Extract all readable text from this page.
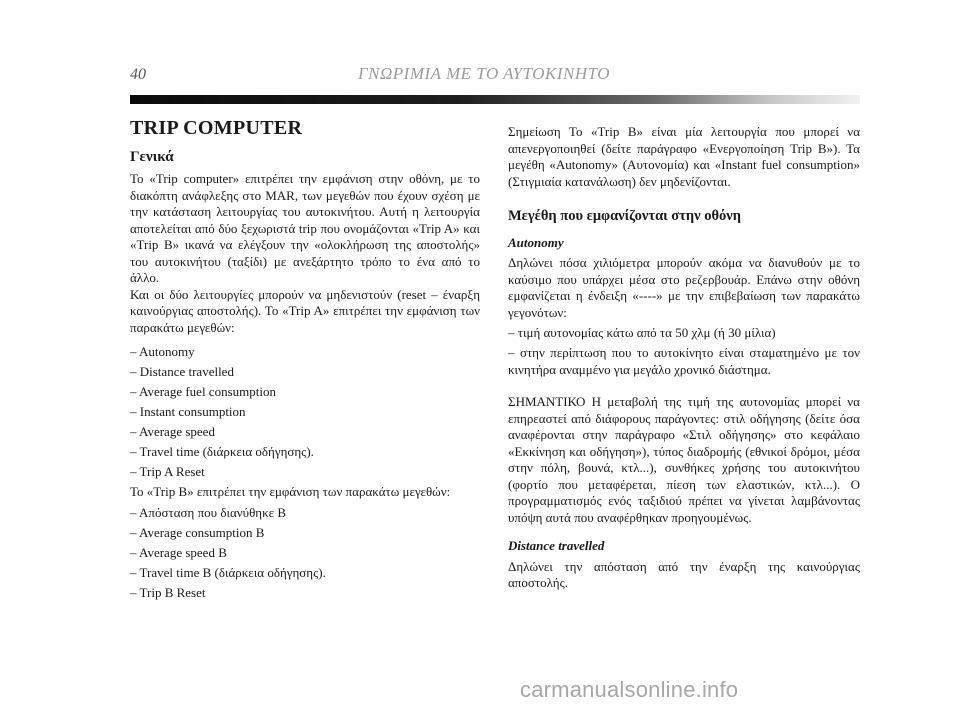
40	ΓΝΩΡΙΜΙΑ ΜΕ ΤΟ ΑΥΤΟΚΙΝΗΤΟ
TRIP COMPUTER
Γενικά

Το «Trip computer» επιτρέπει την εμφάνιση στην οθόνη, με το διακόπτη ανάφλεξης στο MAR, των μεγεθών που έχουν σχέση με την κατάσταση λειτουργίας του αυτοκινήτου. Αυτή η λειτουργία αποτελείται από δύο ξεχωριστά trip που ονομάζονται «Trip A» και «Trip B» ικανά να ελέγξουν την «ολοκλήρωση της αποστολής» του αυτοκινήτου (ταξίδι) με ανεξάρτητο τρόπο το ένα από το άλλο.

Και οι δύο λειτουργίες μπορούν να μηδενιστούν (reset – έναρξη καινούργιας αποστολής). Το «Trip A» επιτρέπει την εμφάνιση των παρακάτω μεγεθών:

– Autonomy
– Distance travelled
– Average fuel consumption
– Instant consumption
– Average speed
– Travel time (διάρκεια οδήγησης).
– Trip A Reset

Το «Trip B» επιτρέπει την εμφάνιση των παρακάτω μεγεθών:

– Απόσταση που διανύθηκε B
– Average consumption B
– Average speed B
– Travel time B (διάρκεια οδήγησης).
– Trip B Reset

Σημείωση Το «Trip B» είναι μία λειτουργία που μπορεί να απενεργοποιηθεί (δείτε παράγραφο «Ενεργοποίηση Trip B»). Τα μεγέθη «Autonomy» (Αυτονομία) και «Instant fuel consumption» (Στιγμιαία κατανάλωση) δεν μηδενίζονται.

Μεγέθη που εμφανίζονται στην οθόνη
Autonomy

Δηλώνει πόσα χιλιόμετρα μπορούν ακόμα να διανυθούν με το καύσιμο που υπάρχει μέσα στο ρεζερβουάρ. Επάνω στην οθόνη εμφανίζεται η ένδειξη «----» με την επιβεβαίωση των παρακάτω γεγονότων:

– τιμή αυτονομίας κάτω από τα 50 χλμ (ή 30 μίλια)

– στην περίπτωση που το αυτοκίνητο είναι σταματημένο με τον κινητήρα αναμμένο για μεγάλο χρονικό διάστημα.

ΣΗΜΑΝΤΙΚΟ Η μεταβολή της τιμή της αυτονομίας μπορεί να επηρεαστεί από διάφορους παράγοντες: στιλ οδήγησης (δείτε όσα αναφέρονται στην παράγραφο «Στιλ οδήγησης» στο κεφάλαιο «Εκκίνηση και οδήγηση»), τύπος διαδρομής (εθνικοί δρόμοι, μέσα στην πόλη, βουνά, κτλ...), συνθήκες χρήσης του αυτοκινήτου (φορτίο που μεταφέρεται, πίεση των ελαστικών, κτλ...). Ο προγραμματισμός ενός ταξιδιού πρέπει να γίνεται λαμβάνοντας υπόψη αυτά που αναφέρθηκαν προηγουμένως.

Distance travelled

Δηλώνει την απόσταση από την έναρξη της καινούργιας αποστολής.

carmanualsonline.info
